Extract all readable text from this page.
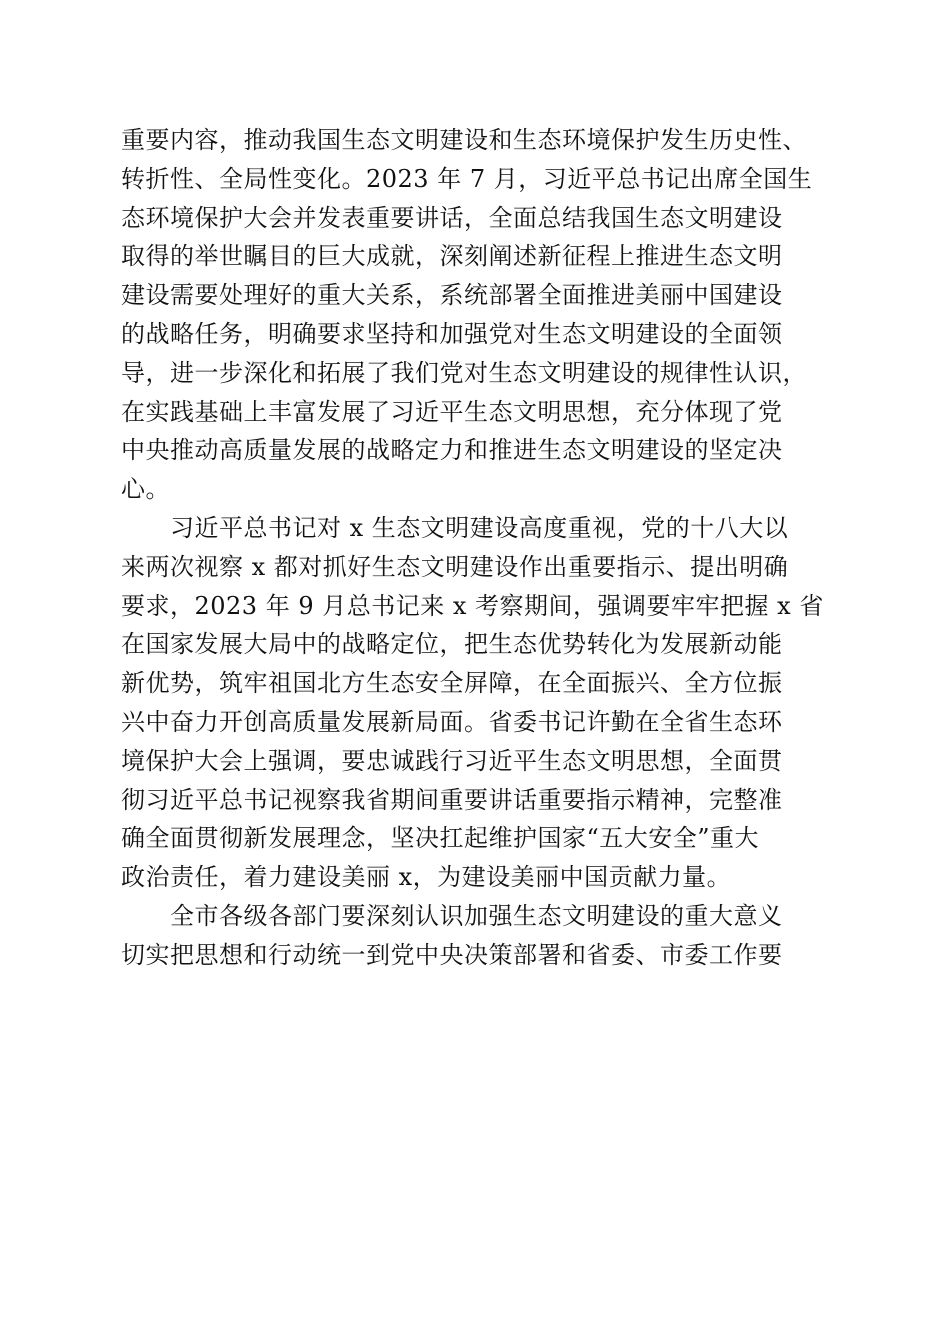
重要内容，推动我国生态文明建设和生态环境保护发生历史性、
转折性、全局性变化。2023 年 7 月，习近平总书记出席全国生
态环境保护大会并发表重要讲话，全面总结我国生态文明建设
取得的举世瞩目的巨大成就，深刻阐述新征程上推进生态文明
建设需要处理好的重大关系，系统部署全面推进美丽中国建设
的战略任务，明确要求坚持和加强党对生态文明建设的全面领
导，进一步深化和拓展了我们党对生态文明建设的规律性认识，
在实践基础上丰富发展了习近平生态文明思想，充分体现了党
中央推动高质量发展的战略定力和推进生态文明建设的坚定决
心。
　　习近平总书记对 x 生态文明建设高度重视，党的十八大以
来两次视察 x 都对抓好生态文明建设作出重要指示、提出明确
要求，2023 年 9 月总书记来 x 考察期间，强调要牢牢把握 x 省
在国家发展大局中的战略定位，把生态优势转化为发展新动能
新优势，筑牢祖国北方生态安全屏障，在全面振兴、全方位振
兴中奋力开创高质量发展新局面。省委书记许勤在全省生态环
境保护大会上强调，要忠诚践行习近平生态文明思想，全面贯
彻习近平总书记视察我省期间重要讲话重要指示精神，完整准
确全面贯彻新发展理念，坚决扛起维护国家“五大安全”重大
政治责任，着力建设美丽 x，为建设美丽中国贡献力量。
　　全市各级各部门要深刻认识加强生态文明建设的重大意义
切实把思想和行动统一到党中央决策部署和省委、市委工作要
